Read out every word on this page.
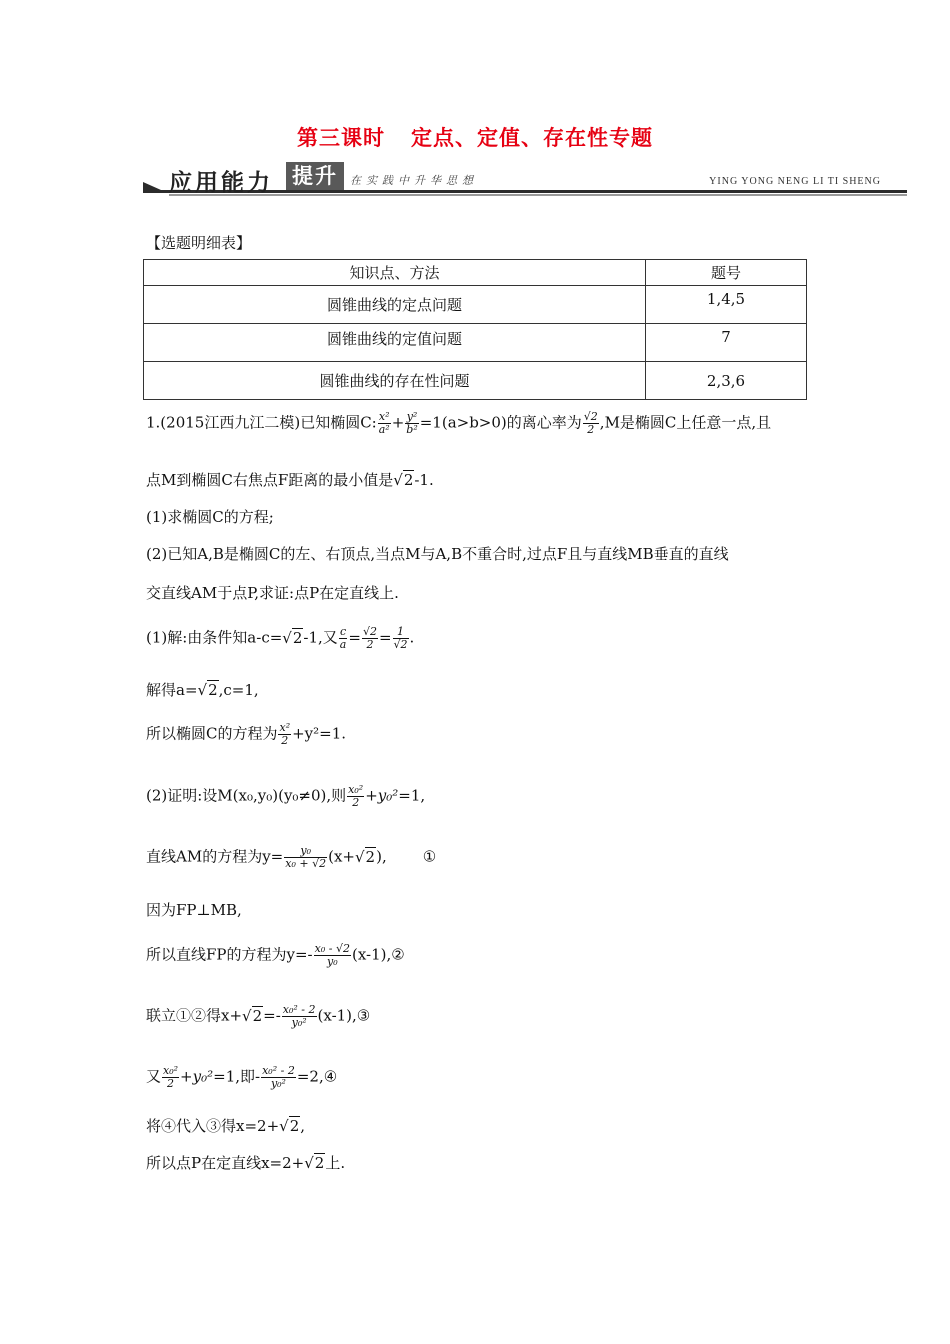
第三课时 定点、定值、存在性专题
应用能力 提升	在实践中升华思想	YING YONG NENG LI TI SHENG
【选题明细表】
知识点、方法	题号
圆锥曲线的定点问题	1,4,5
圆锥曲线的定值问题	7
圆锥曲线的存在性问题	2,3,6
1.(2015江西九江二模)已知椭圆C: $\frac{\text{x²}}{\text{a²}} + \frac{\text{y²}}{\text{b²}} =1(a>b>0)$的离心率为 $\frac{√2}{2} ,M$是椭圆C上任意一点,且
点M到椭圆C右焦点F距离的最小值是√2-1.
(1)求椭圆C的方程;
(2)已知A,B是椭圆C的左、右顶点,当点M与A,B不重合时,过点F且与直线MB垂直的直线
交直线AM于点P,求证:点P在定直线上.
(1)解:由条件知a-c=√2-1,又 $\frac{c}{a} = \frac{√2}{2} = \frac{1}{√2}$ .
解得a=√2,c=1,
所以椭圆C的方程为 $\frac{\text{x²}}{2} +y^2=1$.
(2)证明:设M(x₀,y₀)(y₀≠0),则 $\frac{\text{x₀²}}{2} +y_0^2=1$,
直线AM的方程为$y= \frac{\text{y₀}}{\text{x₀ + √2}} (x+√2)$, ①
因为FP⊥MB,
所以直线FP的方程为$y=- \frac{\text{x₀ - √2}}{\text{y₀}}$ (x-1),②
联立①②得$x+√2=- \frac{\text{x₀² - 2}}{\text{y₀²}}$ (x-1),③
又 $\frac{\text{x₀²}}{2} +y_0^2=1$,即- $\frac{\text{x₀² - 2}}{\text{y₀²}}$ =2,④
将④代入③得x=2+√2,
所以点P在定直线x=2+√2上.
